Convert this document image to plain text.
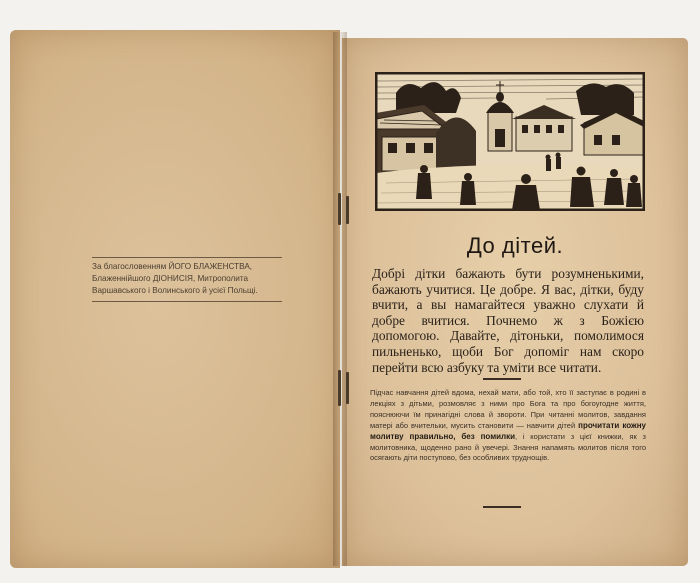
За благословенням ЙОГО БЛАЖЕНСТВА,
Блаженнійшого ДІОНИСІЯ, Митрополита
Варшавського і Волинського й усієї Польщі.
До дітей.
Добрі дітки бажають бути розумненькими, бажають учитися. Це добре. Я вас, дітки, буду вчити, а вы намагайтеся уважно слухати й добре вчитися. Почнемо ж з Божією допомогою. Давайте, дітоньки, помолимося пильненько, щоби Бог допоміг нам скоро перейти всю азбуку та уміти все читати.
Підчас навчання дітей вдома, нехай мати, або той, хто її заступає в родині в лекціях з дітьми, розмовляє з ними про Бога та про богоугодне життя, пояснюючи їм принагідні слова й звороти. При читанні молитов, завдання матері або вчительки, мусить становити — навчити дітей прочитати кожну молитву правильно, без помилки, і користати з цієї книжки, як з молитовника, щоденно рано й увечері. Знання напамять молитов після того осягають діти поступово, без особливих труднощів.
